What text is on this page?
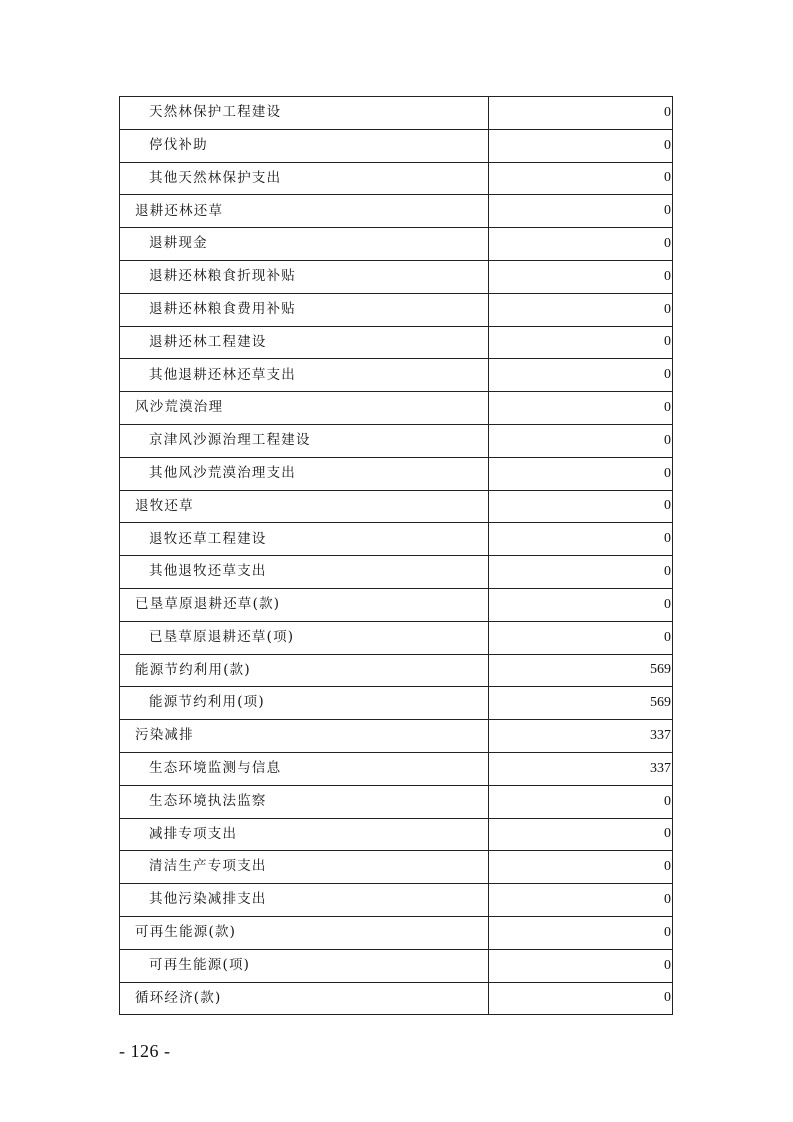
天然林保护工程建设	0
停伐补助	0
其他天然林保护支出	0
退耕还林还草	0
退耕现金	0
退耕还林粮食折现补贴	0
退耕还林粮食费用补贴	0
退耕还林工程建设	0
其他退耕还林还草支出	0
风沙荒漠治理	0
京津风沙源治理工程建设	0
其他风沙荒漠治理支出	0
退牧还草	0
退牧还草工程建设	0
其他退牧还草支出	0
已垦草原退耕还草(款)	0
已垦草原退耕还草(项)	0
能源节约利用(款)	569
能源节约利用(项)	569
污染减排	337
生态环境监测与信息	337
生态环境执法监察	0
减排专项支出	0
清洁生产专项支出	0
其他污染减排支出	0
可再生能源(款)	0
可再生能源(项)	0
循环经济(款)	0
- 126 -
